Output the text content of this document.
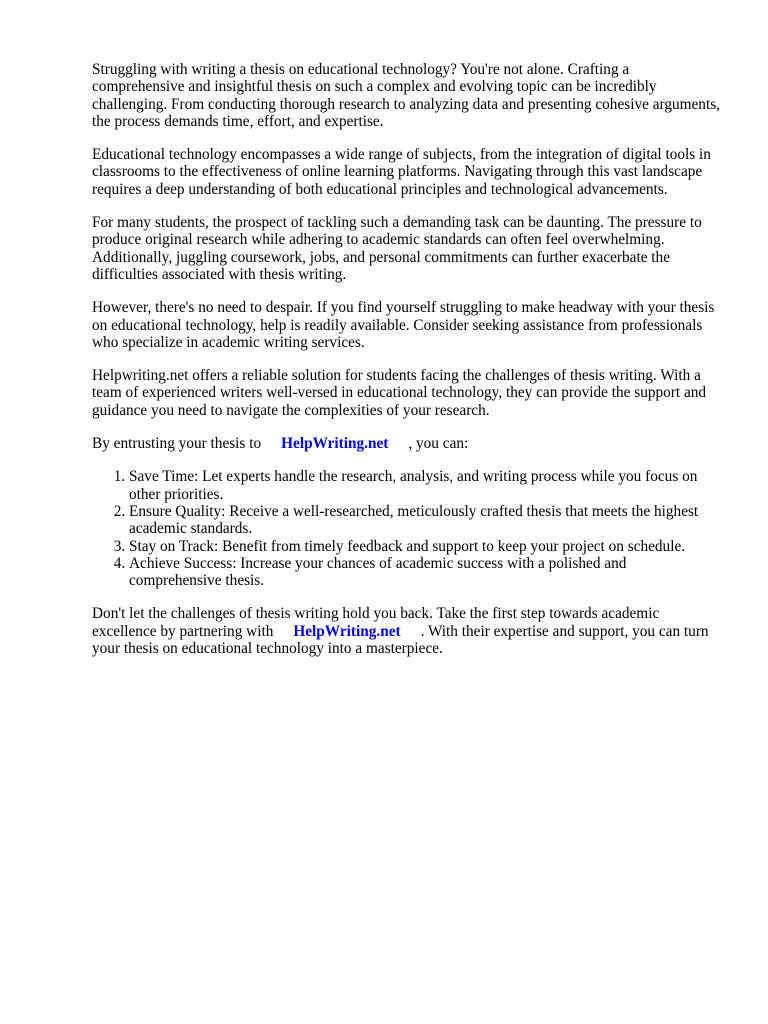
Struggling with writing a thesis on educational technology? You're not alone. Crafting a comprehensive and insightful thesis on such a complex and evolving topic can be incredibly challenging. From conducting thorough research to analyzing data and presenting cohesive arguments, the process demands time, effort, and expertise.

Educational technology encompasses a wide range of subjects, from the integration of digital tools in classrooms to the effectiveness of online learning platforms. Navigating through this vast landscape requires a deep understanding of both educational principles and technological advancements.

For many students, the prospect of tackling such a demanding task can be daunting. The pressure to produce original research while adhering to academic standards can often feel overwhelming. Additionally, juggling coursework, jobs, and personal commitments can further exacerbate the difficulties associated with thesis writing.

However, there's no need to despair. If you find yourself struggling to make headway with your thesis on educational technology, help is readily available. Consider seeking assistance from professionals who specialize in academic writing services.

Helpwriting.net offers a reliable solution for students facing the challenges of thesis writing. With a team of experienced writers well-versed in educational technology, they can provide the support and guidance you need to navigate the complexities of your research.

By entrusting your thesis to HelpWriting.net , you can:

1. Save Time: Let experts handle the research, analysis, and writing process while you focus on other priorities.
2. Ensure Quality: Receive a well-researched, meticulously crafted thesis that meets the highest academic standards.
3. Stay on Track: Benefit from timely feedback and support to keep your project on schedule.
4. Achieve Success: Increase your chances of academic success with a polished and comprehensive thesis.

Don't let the challenges of thesis writing hold you back. Take the first step towards academic excellence by partnering with HelpWriting.net . With their expertise and support, you can turn your thesis on educational technology into a masterpiece.
